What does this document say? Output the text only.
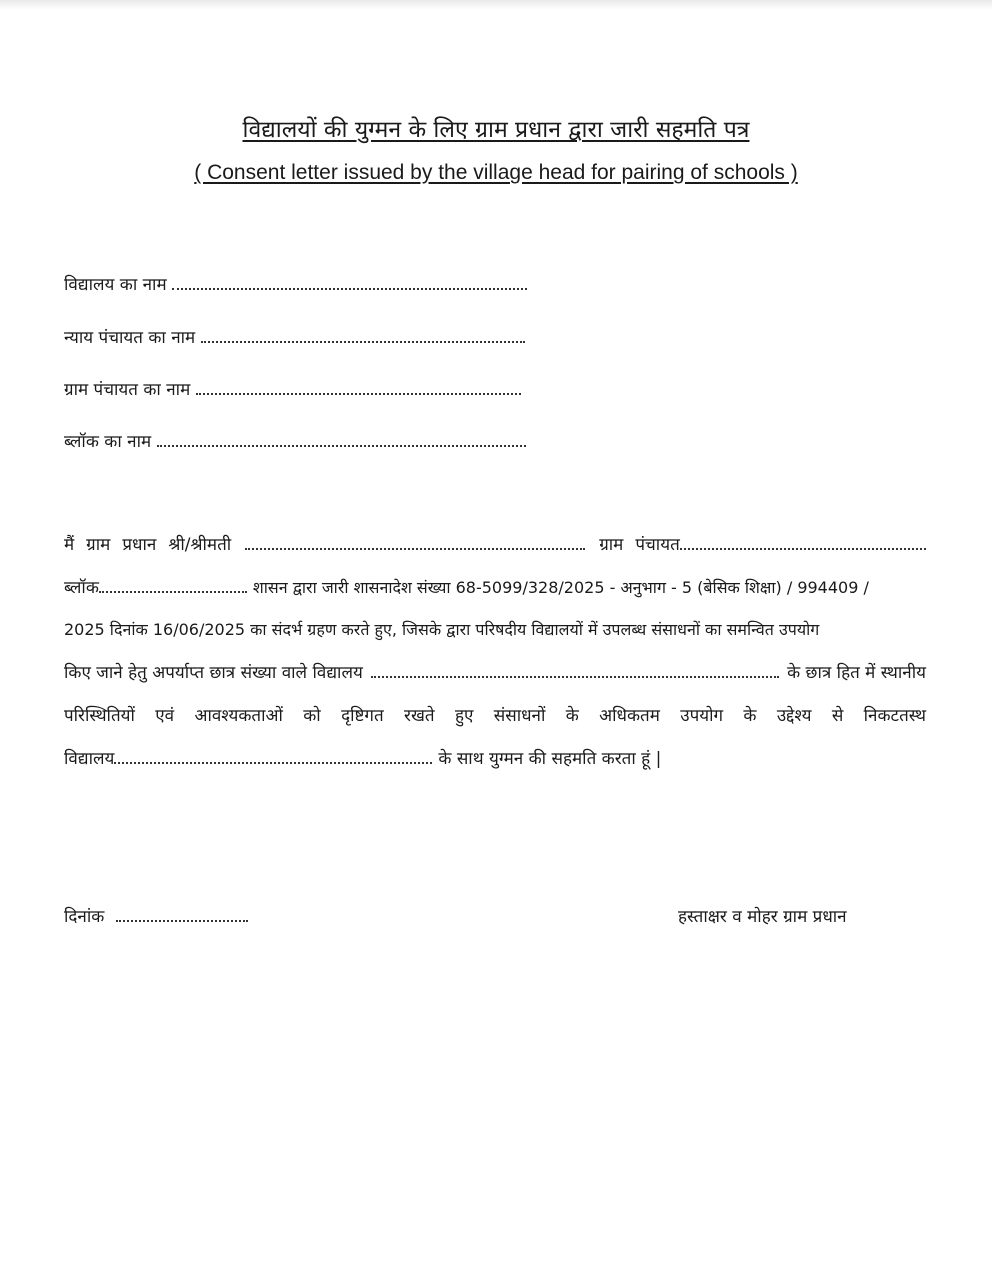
विद्यालयों की युग्मन के लिए ग्राम प्रधान द्वारा जारी सहमति पत्र
( Consent letter issued by the village head for pairing of schools )
विद्यालय का नाम
न्याय पंचायत का नाम
ग्राम पंचायत का नाम
ब्लॉक का नाम
मैं ग्राम प्रधान श्री/श्रीमती	ग्राम पंचायत
ब्लॉक	शासन द्वारा जारी शासनादेश संख्या 68-5099/328/2025 - अनुभाग - 5 (बेसिक शिक्षा) / 994409 /
2025 दिनांक 16/06/2025 का संदर्भ ग्रहण करते हुए, जिसके द्वारा परिषदीय विद्यालयों में उपलब्ध संसाधनों का समन्वित उपयोग
किए जाने हेतु अपर्याप्त छात्र संख्या वाले विद्यालय	के छात्र हित में स्थानीय
परिस्थितियों एवं आवश्यकताओं को दृष्टिगत रखते हुए संसाधनों के अधिकतम उपयोग के उद्देश्य से निकटतस्थ
विद्यालय	के साथ युग्मन की सहमति करता हूं |
दिनांक	हस्ताक्षर व मोहर ग्राम प्रधान
